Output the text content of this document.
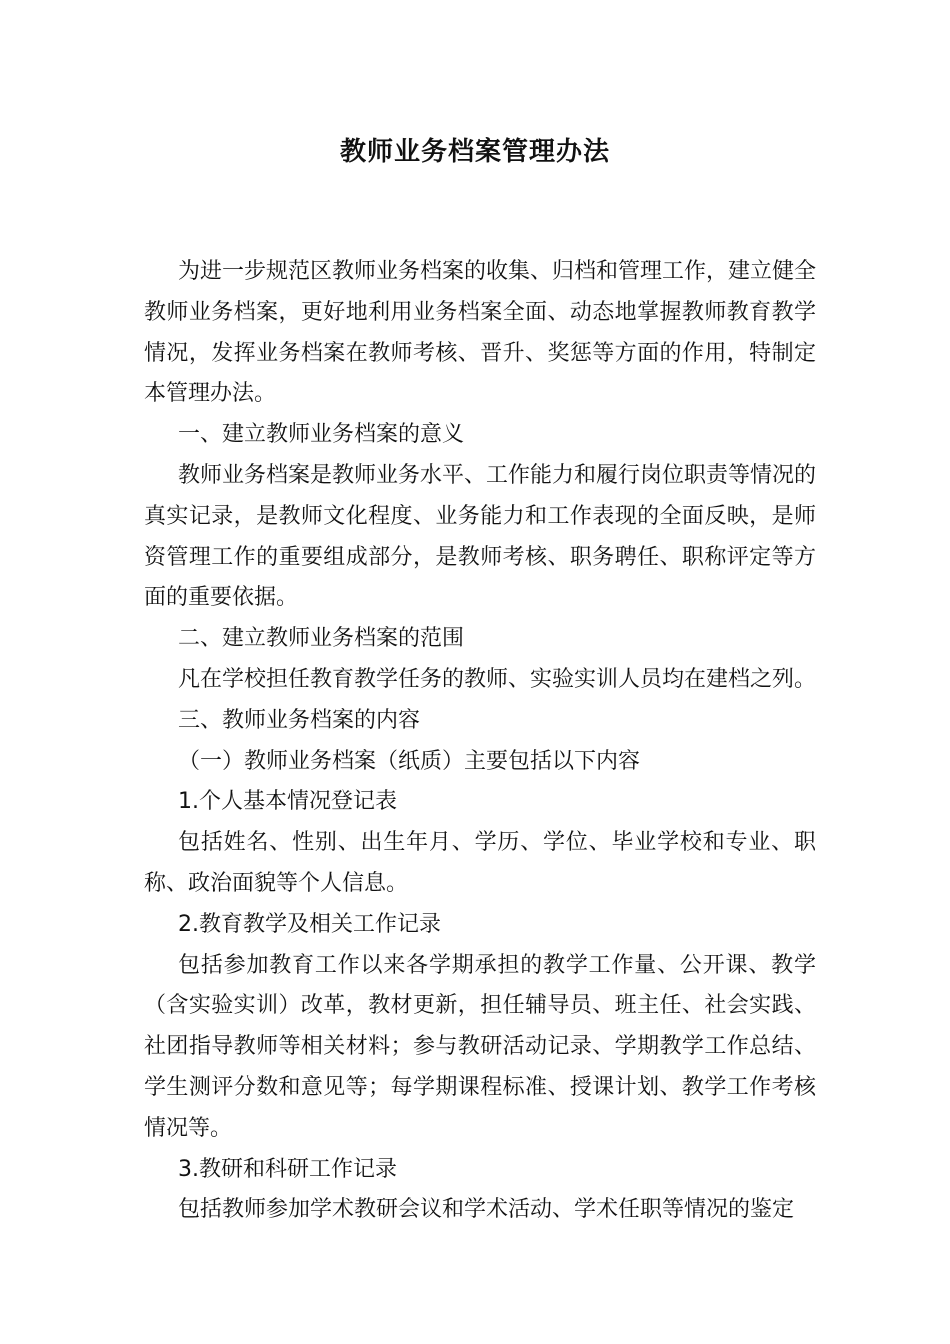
教师业务档案管理办法

为进一步规范区教师业务档案的收集、归档和管理工作，建立健全教师业务档案，更好地利用业务档案全面、动态地掌握教师教育教学情况，发挥业务档案在教师考核、晋升、奖惩等方面的作用，特制定本管理办法。

一、建立教师业务档案的意义

教师业务档案是教师业务水平、工作能力和履行岗位职责等情况的真实记录，是教师文化程度、业务能力和工作表现的全面反映，是师资管理工作的重要组成部分，是教师考核、职务聘任、职称评定等方面的重要依据。

二、建立教师业务档案的范围

凡在学校担任教育教学任务的教师、实验实训人员均在建档之列。

三、教师业务档案的内容

（一）教师业务档案（纸质）主要包括以下内容

1.个人基本情况登记表

包括姓名、性别、出生年月、学历、学位、毕业学校和专业、职称、政治面貌等个人信息。

2.教育教学及相关工作记录

包括参加教育工作以来各学期承担的教学工作量、公开课、教学（含实验实训）改革，教材更新，担任辅导员、班主任、社会实践、社团指导教师等相关材料；参与教研活动记录、学期教学工作总结、学生测评分数和意见等；每学期课程标准、授课计划、教学工作考核情况等。

3.教研和科研工作记录

包括教师参加学术教研会议和学术活动、学术任职等情况的鉴定
